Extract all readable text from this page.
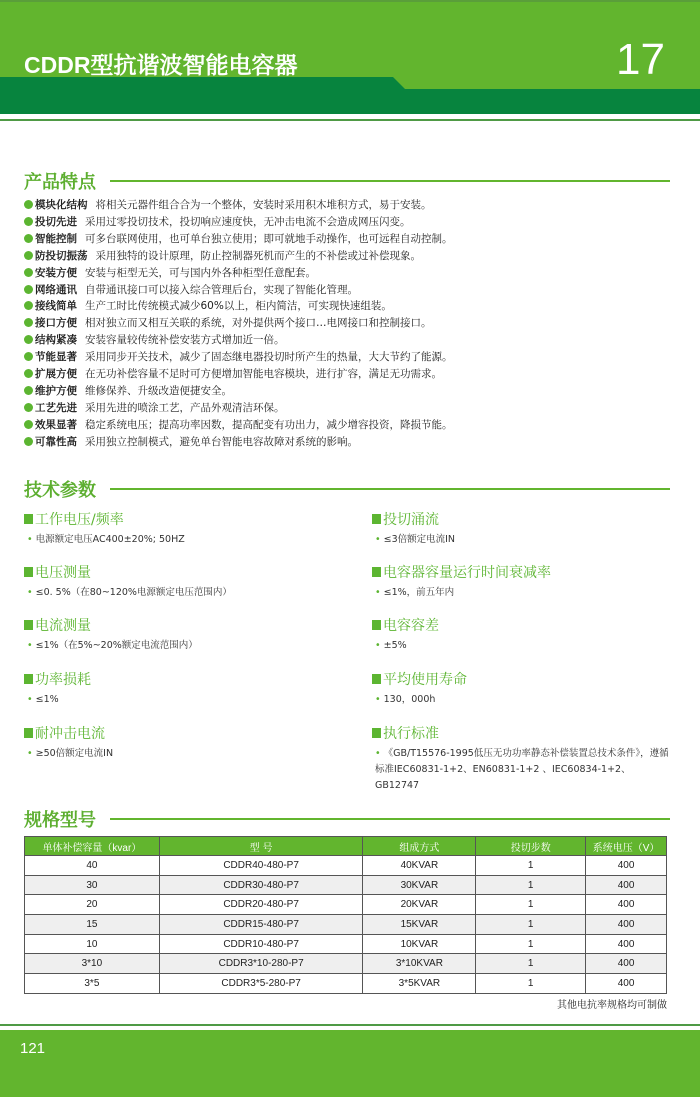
CDDR型抗谐波智能电容器	17
产品特点
模块化结构 将相关元器件组合合为一个整体，安装时采用积木堆积方式，易于安装。
投切先进 采用过零投切技术，投切响应速度快，无冲击电流不会造成网压闪变。
智能控制 可多台联网使用，也可单台独立使用；即可就地手动操作，也可远程自动控制。
防投切振荡 采用独特的设计原理，防止控制器死机而产生的不补偿或过补偿现象。
安装方便 安装与柜型无关，可与国内外各种柜型任意配套。
网络通讯 自带通讯接口可以接入综合管理后台，实现了智能化管理。
接线简单 生产工时比传统模式减少60%以上，柜内简洁，可实现快速组装。
接口方便 相对独立而又相互关联的系统，对外提供两个接口…电网接口和控制接口。
结构紧凑 安装容量较传统补偿安装方式增加近一倍。
节能显著 采用同步开关技术，减少了固态继电器投切时所产生的热量，大大节约了能源。
扩展方便 在无功补偿容量不足时可方便增加智能电容模块，进行扩容，满足无功需求。
维护方便 维修保养、升级改造便捷安全。
工艺先进 采用先进的喷涂工艺，产品外观清洁环保。
效果显著 稳定系统电压；提高功率因数，提高配变有功出力，减少增容投资，降损节能。
可靠性高 采用独立控制模式，避免单台智能电容故障对系统的影响。
技术参数
工作电压/频率
• 电源额定电压AC400±20%; 50HZ
电压测量
• ≤0. 5%（在80~120%电源额定电压范围内）
电流测量
• ≤1%（在5%~20%额定电流范围内）
功率损耗
• ≤1%
耐冲击电流
• ≥50倍额定电流IN
投切涌流
• ≤3倍额定电流IN
电容器容量运行时间衰减率
• ≤1%，前五年内
电容容差
• ±5%
平均使用寿命
• 130，000h
执行标准
• 《GB/T15576-1995低压无功功率静态补偿装置总技术条件》，遵循标准IEC60831-1+2、EN60831-1+2 、IEC60834-1+2、GB12747
规格型号
单体补偿容量（kvar）	型 号	组成方式	投切步数	系统电压（V）
40	CDDR40-480-P7	40KVAR	1	400
30	CDDR30-480-P7	30KVAR	1	400
20	CDDR20-480-P7	20KVAR	1	400
15	CDDR15-480-P7	15KVAR	1	400
10	CDDR10-480-P7	10KVAR	1	400
3*10	CDDR3*10-280-P7	3*10KVAR	1	400
3*5	CDDR3*5-280-P7	3*5KVAR	1	400
其他电抗率规格均可制做
121
